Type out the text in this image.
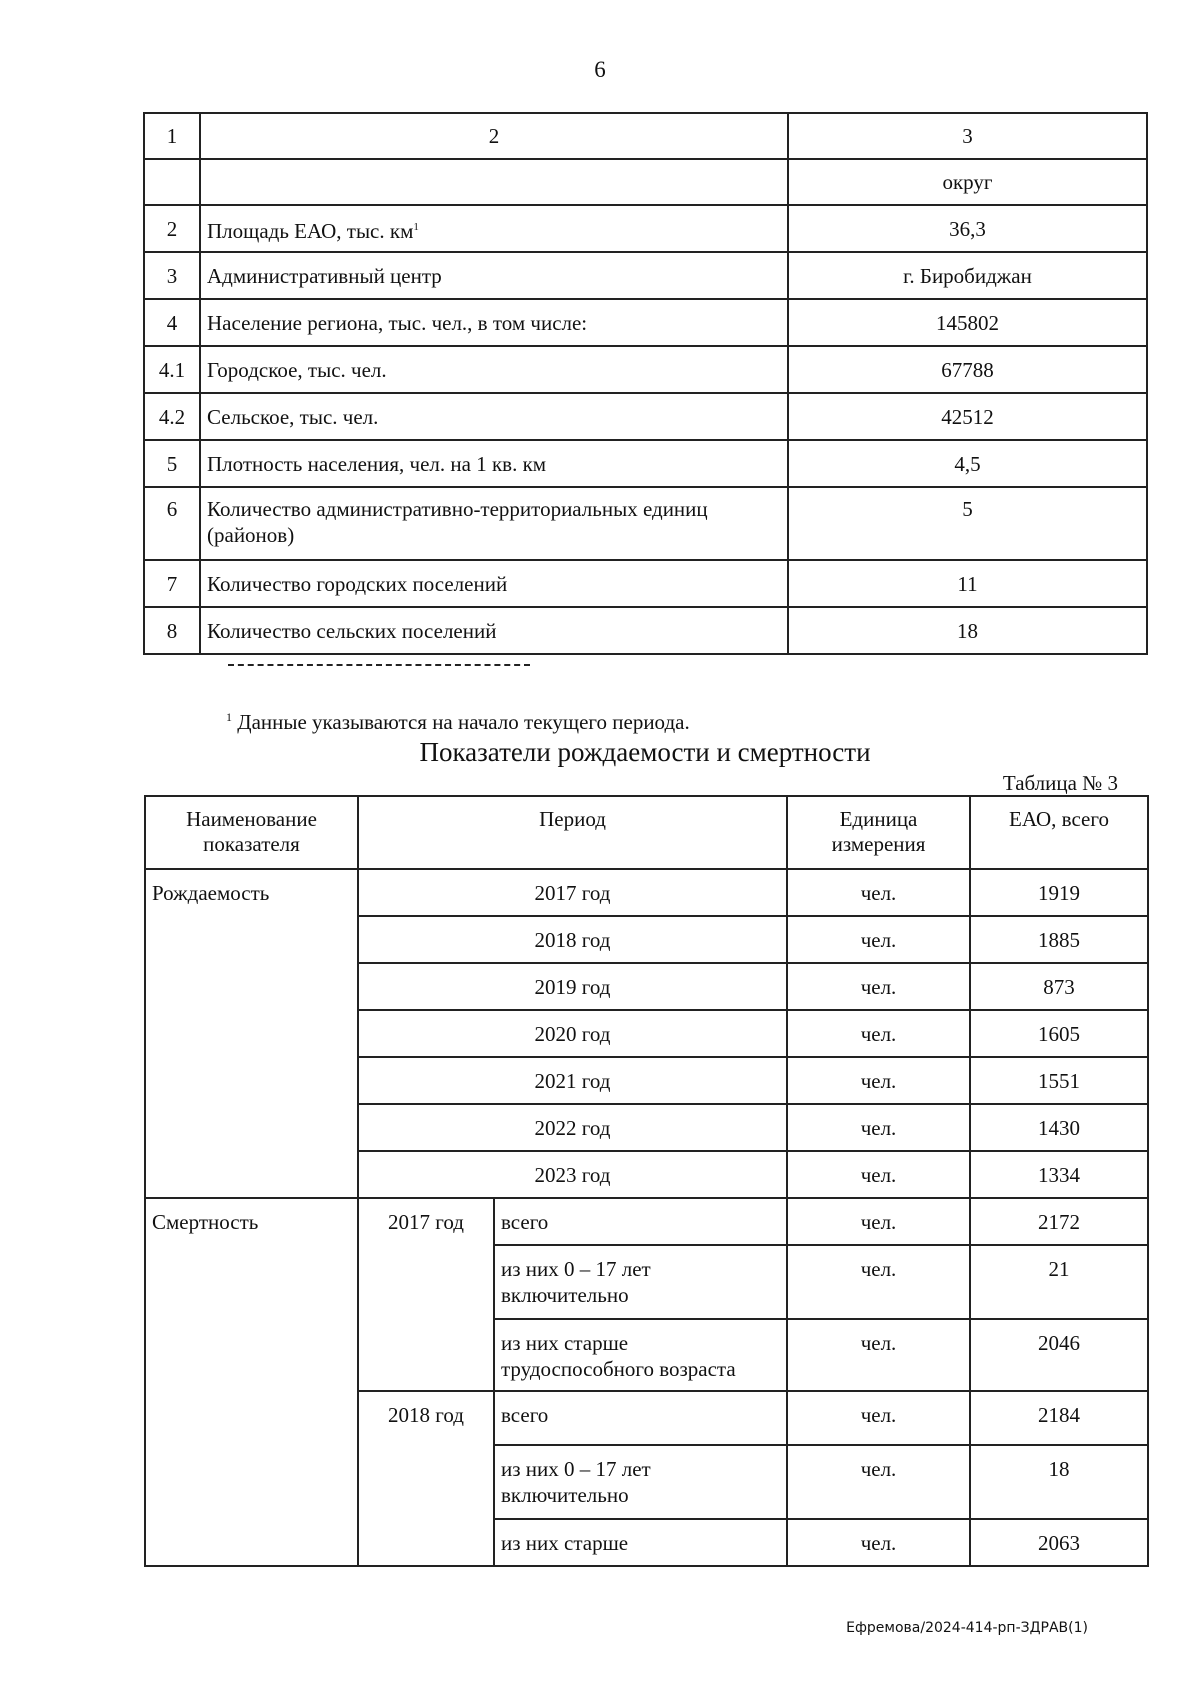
6
1	2	3
		округ
2	Площадь ЕАО, тыс. $км^1$	36,3
3	Административный центр	г. Биробиджан
4	Население региона, тыс. чел., в том числе:	145802
4.1	Городское, тыс. чел.	67788
4.2	Сельское, тыс. чел.	42512
5	Плотность населения, чел. на 1 кв. км	4,5
6	Количество административно-территориальных единиц (районов)	5
7	Количество городских поселений	11
8	Количество сельских поселений	18
$^1$ Данные указываются на начало текущего периода.
Показатели рождаемости и смертности
Таблица № 3
Наименование показателя	Период		Единица измерения	ЕАО, всего
Рождаемость	2017 год		чел.	1919
	2018 год		чел.	1885
	2019 год		чел.	873
	2020 год		чел.	1605
	2021 год		чел.	1551
	2022 год		чел.	1430
	2023 год		чел.	1334
Смертность	2017 год	всего	чел.	2172
		из них 0 – 17 лет включительно	чел.	21
		из них старше трудоспособного возраста	чел.	2046
	2018 год	всего	чел.	2184
		из них 0 – 17 лет включительно	чел.	18
		из них старше	чел.	2063
Ефремова/2024-414-рп-ЗДРАВ(1)
